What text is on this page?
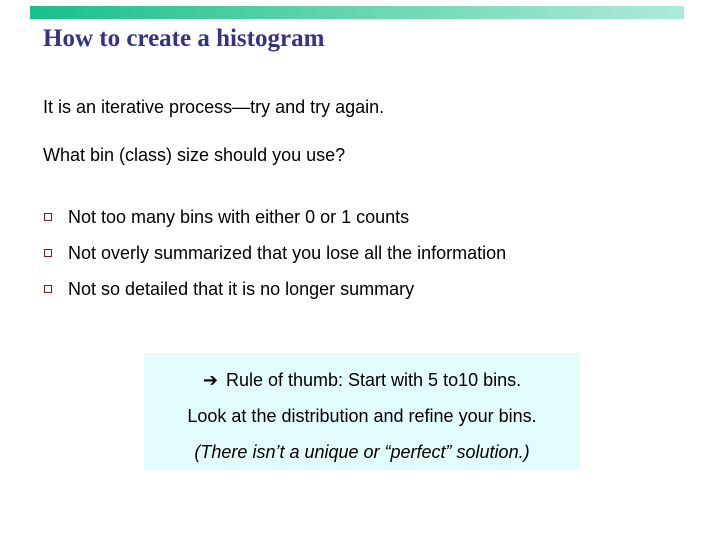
How to create a histogram
It is an iterative process—try and try again.
What bin (class) size should you use?
Not too many bins with either 0 or 1 counts
Not overly summarized that you lose all the information
Not so detailed that it is no longer summary
➔ Rule of thumb: Start with 5 to10 bins.
Look at the distribution and refine your bins.
(There isn’t a unique or “perfect” solution.)
